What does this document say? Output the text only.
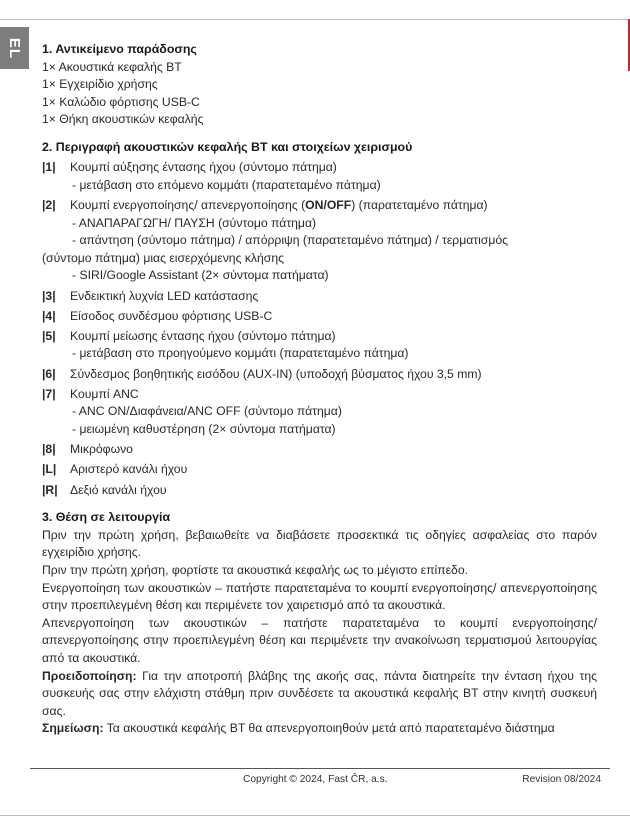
EL 1. Αντικείμενο παράδοσης
1× Ακουστικά κεφαλής BT
1× Εγχειρίδιο χρήσης
1× Καλώδιο φόρτισης USB-C
1× Θήκη ακουστικών κεφαλής
2. Περιγραφή ακουστικών κεφαλής BT και στοιχείων χειρισμού
|1| Κουμπί αύξησης έντασης ήχου (σύντομο πάτημα)
- μετάβαση στο επόμενο κομμάτι (παρατεταμένο πάτημα)
|2| Κουμπί ενεργοποίησης/ απενεργοποίησης (ON/OFF) (παρατεταμένο πάτημα)
- ΑΝΑΠΑΡΑΓΩΓΗ/ ΠΑΥΣΗ (σύντομο πάτημα)
- απάντηση (σύντομο πάτημα) / απόρριψη (παρατεταμένο πάτημα) / τερματισμός
(σύντομο πάτημα) μιας εισερχόμενης κλήσης
- SIRI/Google Assistant (2× σύντομα πατήματα)
|3| Ενδεικτική λυχνία LED κατάστασης
|4| Είσοδος συνδέσμου φόρτισης USB-C
|5| Κουμπί μείωσης έντασης ήχου (σύντομο πάτημα)
- μετάβαση στο προηγούμενο κομμάτι (παρατεταμένο πάτημα)
|6| Σύνδεσμος βοηθητικής εισόδου (AUX-IN) (υποδοχή βύσματος ήχου 3,5 mm)
|7| Κουμπί ANC
- ANC ON/Διαφάνεια/ANC OFF (σύντομο πάτημα)
- μειωμένη καθυστέρηση (2× σύντομα πατήματα)
|8| Μικρόφωνο
|L| Αριστερό κανάλι ήχου
|R| Δεξιό κανάλι ήχου
3. Θέση σε λειτουργία
Πριν την πρώτη χρήση, βεβαιωθείτε να διαβάσετε προσεκτικά τις οδηγίες ασφαλείας στο παρόν εγχειρίδιο χρήσης.
Πριν την πρώτη χρήση, φορτίστε τα ακουστικά κεφαλής ως το μέγιστο επίπεδο.
Ενεργοποίηση των ακουστικών – πατήστε παρατεταμένα το κουμπί ενεργοποίησης/ απενεργοποίησης στην προεπιλεγμένη θέση και περιμένετε τον χαιρετισμό από τα ακουστικά.
Απενεργοποίηση των ακουστικών – πατήστε παρατεταμένα το κουμπί ενεργοποίησης/ απενεργοποίησης στην προεπιλεγμένη θέση και περιμένετε την ανακοίνωση τερματισμού λειτουργίας από τα ακουστικά.
Προειδοποίηση: Για την αποτροπή βλάβης της ακοής σας, πάντα διατηρείτε την ένταση ήχου της συσκευής σας στην ελάχιστη στάθμη πριν συνδέσετε τα ακουστικά κεφαλής BT στην κινητή συσκευή σας.
Σημείωση: Τα ακουστικά κεφαλής BT θα απενεργοποιηθούν μετά από παρατεταμένο διάστημα
Copyright © 2024, Fast ČR, a.s.	Revision 08/2024
